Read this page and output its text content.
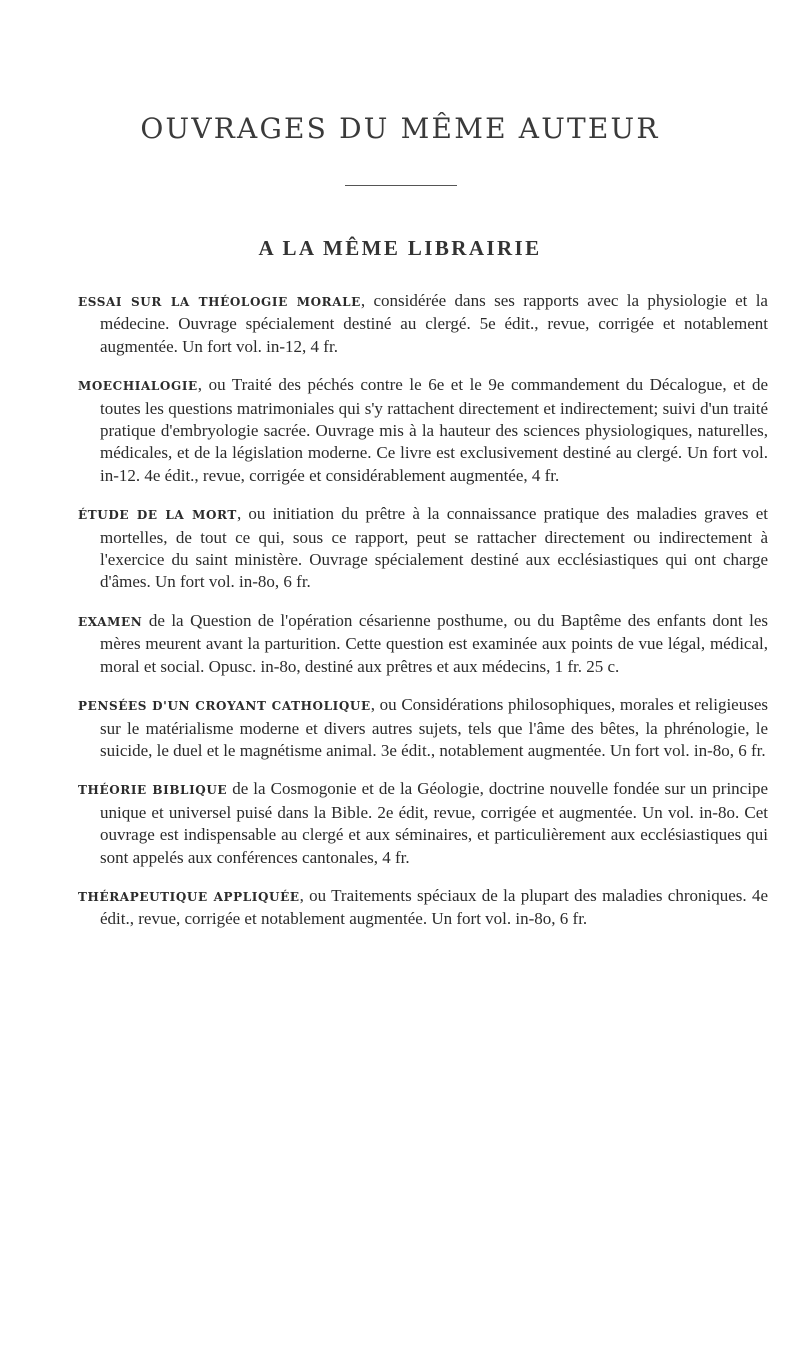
OUVRAGES DU MÊME AUTEUR
A LA MÊME LIBRAIRIE

ESSAI SUR LA THÉOLOGIE MORALE, considérée dans ses rapports avec la physiologie et la médecine. Ouvrage spécialement destiné au clergé. 5e édit., revue, corrigée et notablement augmentée. Un fort vol. in-12, 4 fr.

MOECHIALOGIE, ou Traité des péchés contre le 6e et le 9e commandement du Décalogue, et de toutes les questions matrimoniales qui s'y rattachent directement et indirectement; suivi d'un traité pratique d'embryologie sacrée. Ouvrage mis à la hauteur des sciences physiologiques, naturelles, médicales, et de la législation moderne. Ce livre est exclusivement destiné au clergé. Un fort vol. in-12. 4e édit., revue, corrigée et considérablement augmentée, 4 fr.

ÉTUDE DE LA MORT, ou initiation du prêtre à la connaissance pratique des maladies graves et mortelles, de tout ce qui, sous ce rapport, peut se rattacher directement ou indirectement à l'exercice du saint ministère. Ouvrage spécialement destiné aux ecclésiastiques qui ont charge d'âmes. Un fort vol. in-8o, 6 fr.

EXAMEN de la Question de l'opération césarienne posthume, ou du Baptême des enfants dont les mères meurent avant la parturition. Cette question est examinée aux points de vue légal, médical, moral et social. Opusc. in-8o, destiné aux prêtres et aux médecins, 1 fr. 25 c.

PENSÉES D'UN CROYANT CATHOLIQUE, ou Considérations philosophiques, morales et religieuses sur le matérialisme moderne et divers autres sujets, tels que l'âme des bêtes, la phrénologie, le suicide, le duel et le magnétisme animal. 3e édit., notablement augmentée. Un fort vol. in-8o, 6 fr.

THÉORIE BIBLIQUE de la Cosmogonie et de la Géologie, doctrine nouvelle fondée sur un principe unique et universel puisé dans la Bible. 2e édit, revue, corrigée et augmentée. Un vol. in-8o. Cet ouvrage est indispensable au clergé et aux séminaires, et particulièrement aux ecclésiastiques qui sont appelés aux conférences cantonales, 4 fr.

THÉRAPEUTIQUE APPLIQUÉE, ou Traitements spéciaux de la plupart des maladies chroniques. 4e édit., revue, corrigée et notablement augmentée. Un fort vol. in-8o, 6 fr.
